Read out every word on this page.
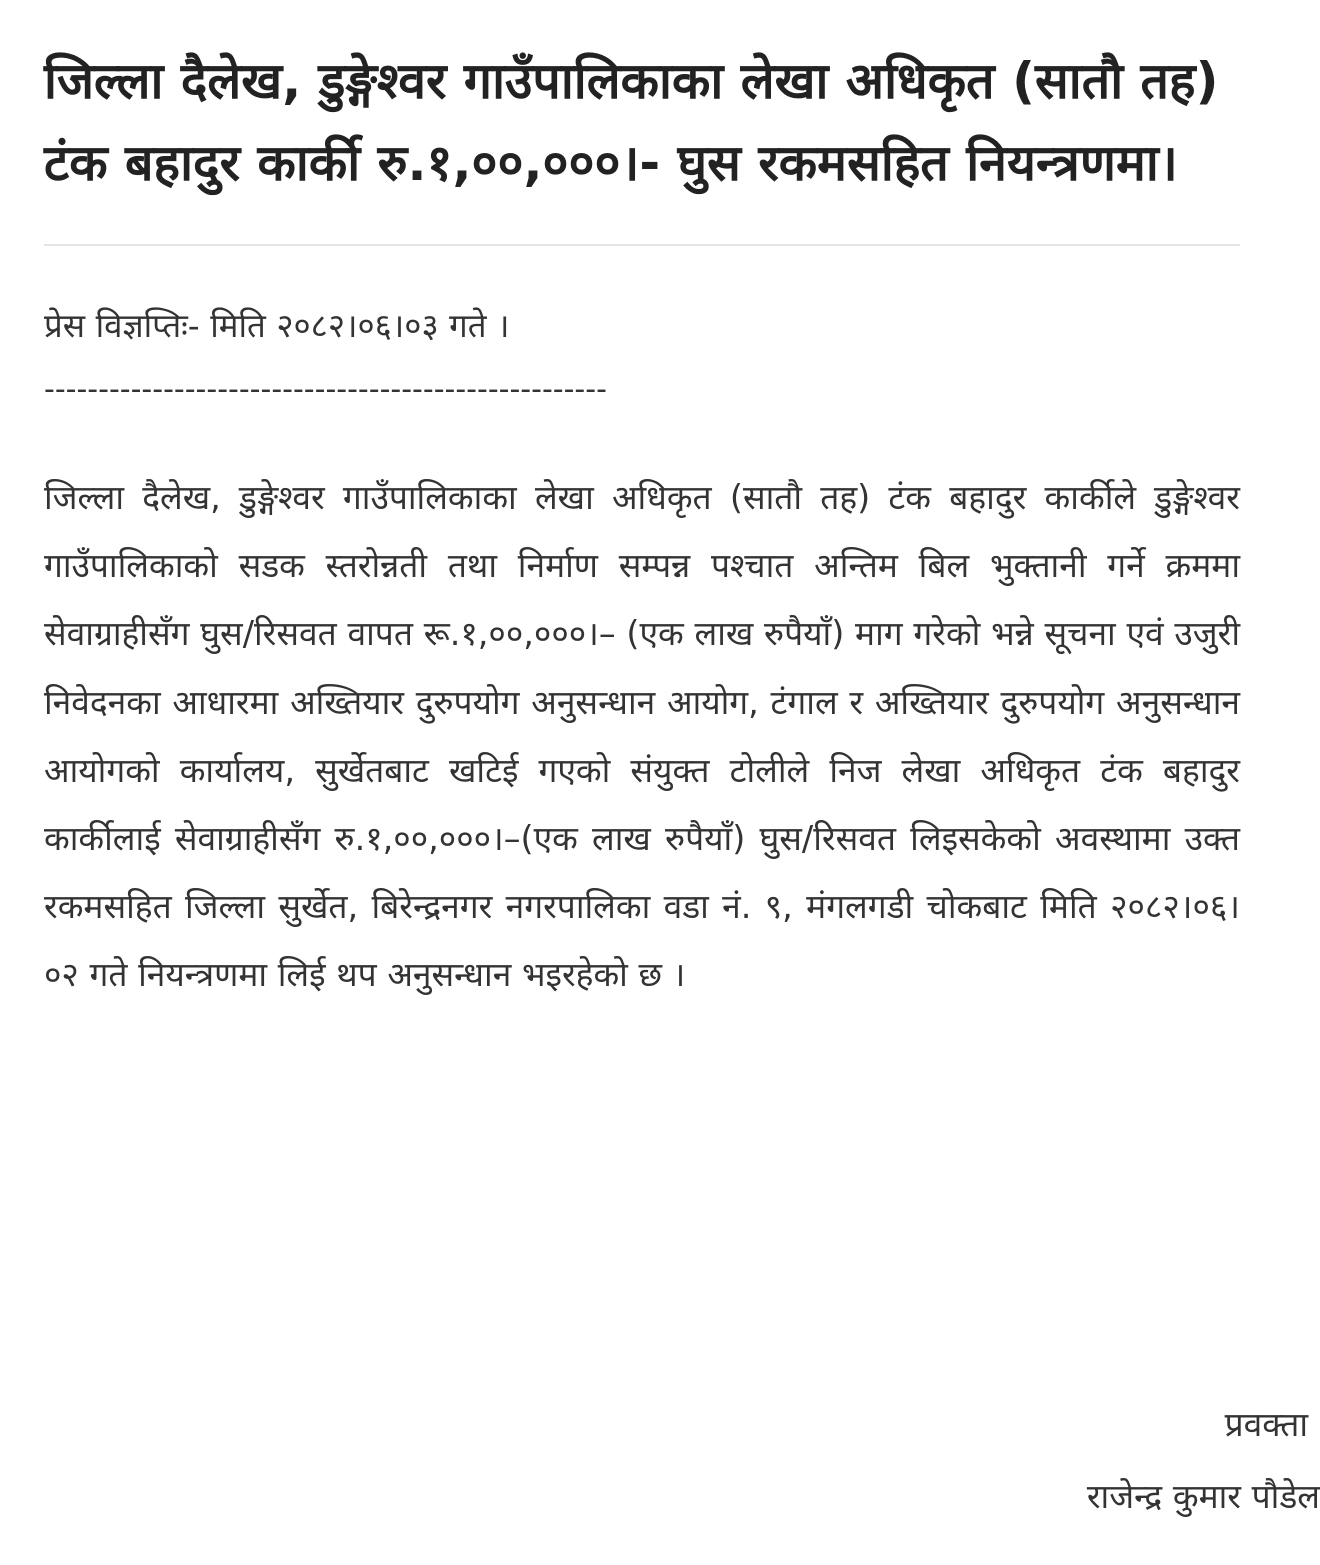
जिल्ला दैलेख, डुङ्गेश्वर गाउँपालिकाका लेखा अधिकृत (सातौ तह) टंक बहादुर कार्की रु.१,००,०००।- घुस रकमसहित नियन्त्रणमा।
प्रेस विज्ञप्तिः- मिति २०८२।०६।०३ गते ।
----------------------------------------------------

जिल्ला दैलेख, डुङ्गेश्वर गाउँपालिकाका लेखा अधिकृत (सातौ तह) टंक बहादुर कार्कीले डुङ्गेश्वर गाउँपालिकाको सडक स्तरोन्नती तथा निर्माण सम्पन्न पश्चात अन्तिम बिल भुक्तानी गर्ने क्रममा सेवाग्राहीसँग घुस/रिसवत वापत रू.१,००,०००।– (एक लाख रुपैयाँ) माग गरेको भन्ने सूचना एवं उजुरी निवेदनका आधारमा अख्तियार दुरुपयोग अनुसन्धान आयोग, टंगाल र अख्तियार दुरुपयोग अनुसन्धान आयोगको कार्यालय, सुर्खेतबाट खटिई गएको संयुक्त टोलीले निज लेखा अधिकृत टंक बहादुर कार्कीलाई सेवाग्राहीसँग रु.१,००,०००।–(एक लाख रुपैयाँ) घुस/रिसवत लिइसकेको अवस्थामा उक्त रकमसहित जिल्ला सुर्खेत, बिरेन्द्रनगर नगरपालिका वडा नं. ९, मंगलगडी चोकबाट मिति २०८२।०६।०२ गते नियन्त्रणमा लिई थप अनुसन्धान भइरहेको छ ।

प्रवक्ता
राजेन्द्र कुमार पौडेल
